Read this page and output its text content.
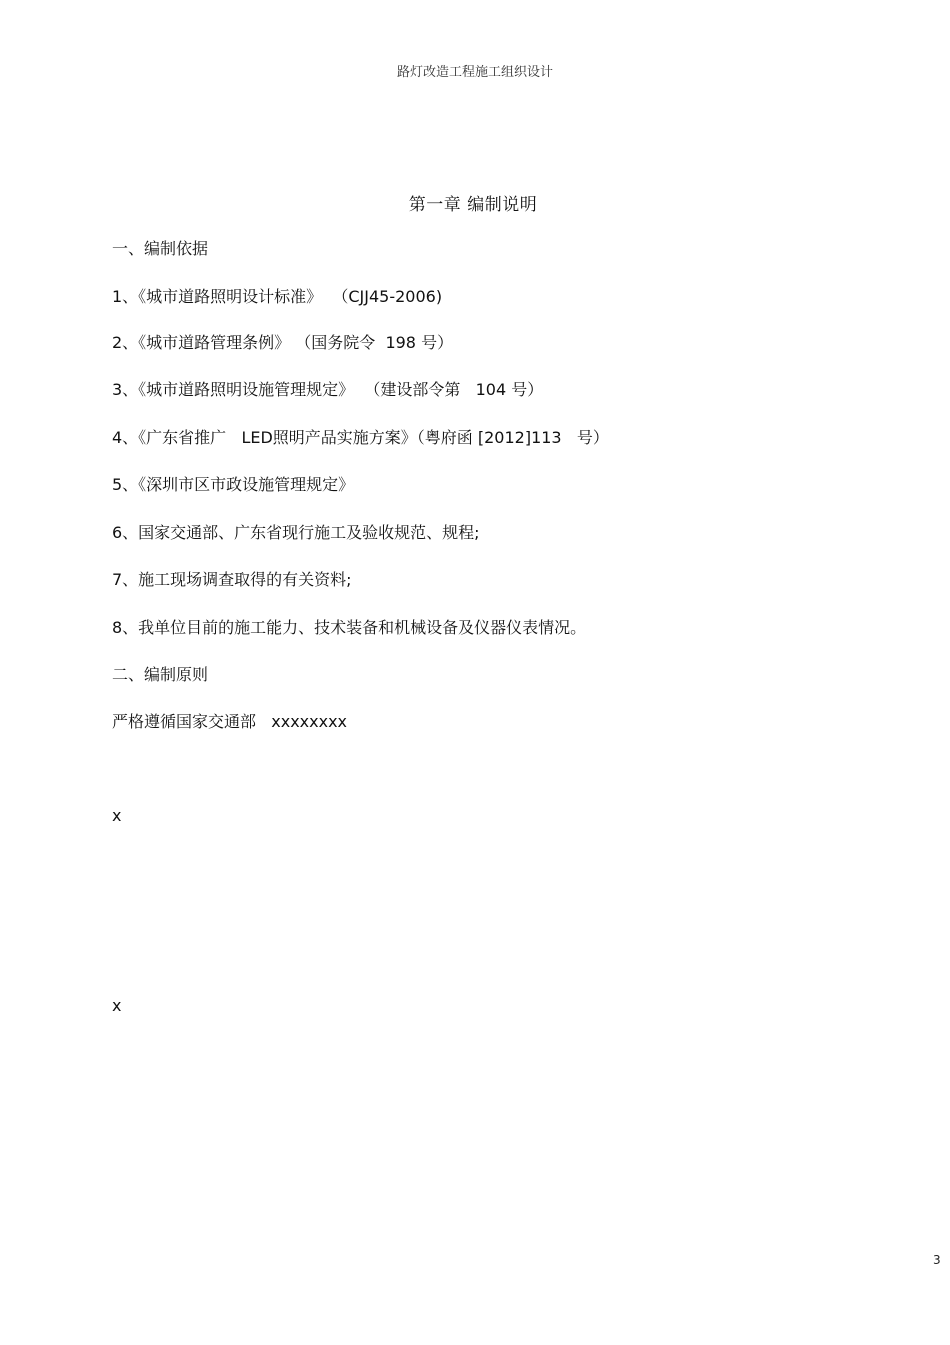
路灯改造工程施工组织设计
第一章 编制说明
一、编制依据
1、《城市道路照明设计标准》  （CJJ45-2006)
2、《城市道路管理条例》 （国务院令  198 号）
3、《城市道路照明设施管理规定》  （建设部令第   104 号）
4、《广东省推广   LED照明产品实施方案》（粤府函 [2012]113   号）
5、《深圳市区市政设施管理规定》
6、国家交通部、广东省现行施工及验收规范、规程;
7、施工现场调查取得的有关资料;
8、我单位目前的施工能力、技术装备和机械设备及仪器仪表情况。
二、编制原则
严格遵循国家交通部   xxxxxxxx
x
x
3
